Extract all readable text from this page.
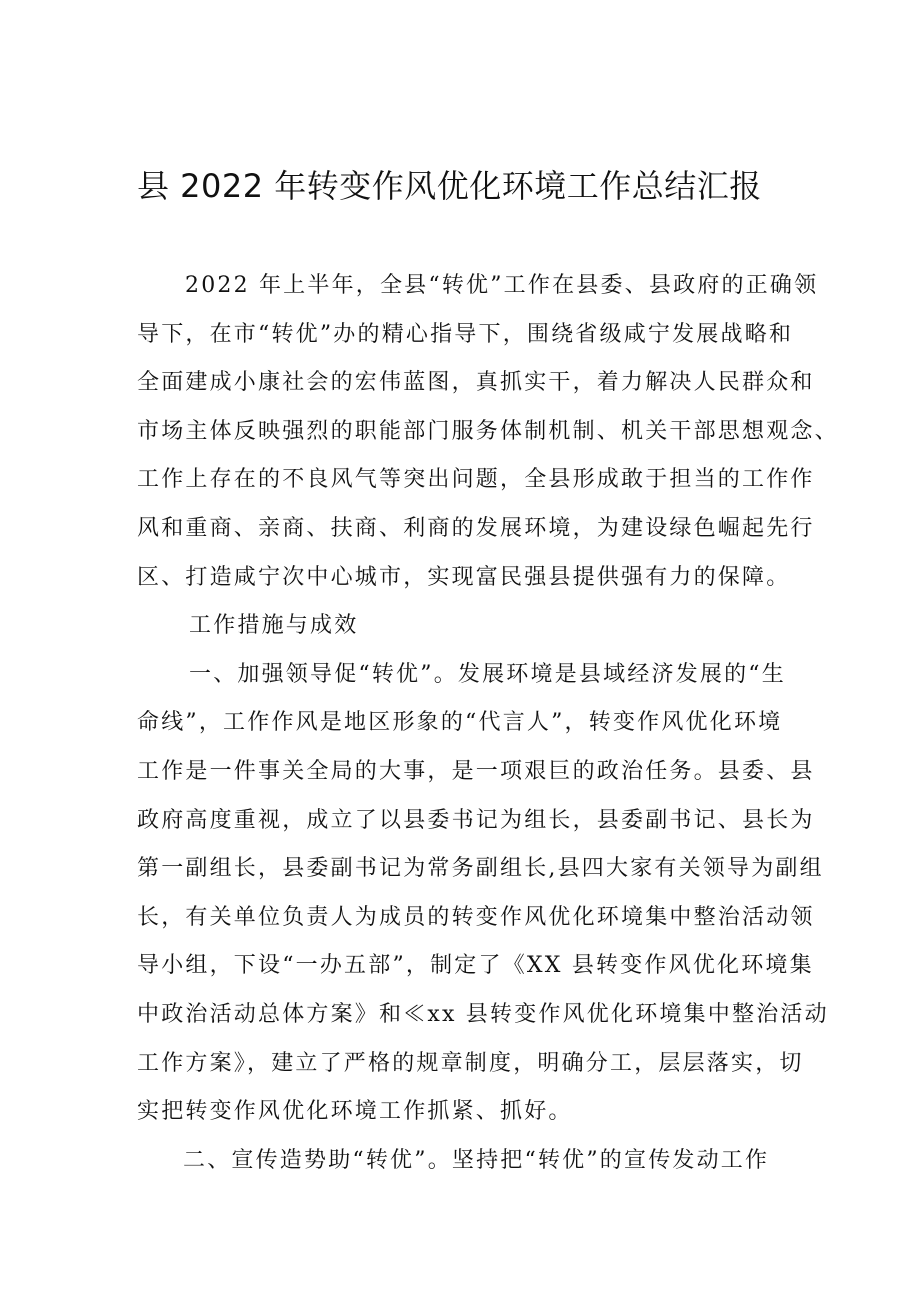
县 2022 年转变作风优化环境工作总结汇报
2022 年上半年，全县“转优”工作在县委、县政府的正确领
导下，在市“转优”办的精心指导下，围绕省级咸宁发展战略和
全面建成小康社会的宏伟蓝图，真抓实干，着力解决人民群众和
市场主体反映强烈的职能部门服务体制机制、机关干部思想观念、
工作上存在的不良风气等突出问题，全县形成敢于担当的工作作
风和重商、亲商、扶商、利商的发展环境，为建设绿色崛起先行
区、打造咸宁次中心城市，实现富民强县提供强有力的保障。
工作措施与成效
一、加强领导促“转优”。发展环境是县域经济发展的“生
命线”，工作作风是地区形象的“代言人”，转变作风优化环境
工作是一件事关全局的大事，是一项艰巨的政治任务。县委、县
政府高度重视，成立了以县委书记为组长，县委副书记、县长为
第一副组长，县委副书记为常务副组长,县四大家有关领导为副组
长，有关单位负责人为成员的转变作风优化环境集中整治活动领
导小组，下设“一办五部”，制定了《XX 县转变作风优化环境集
中政治活动总体方案》和≪xx 县转变作风优化环境集中整治活动
工作方案》，建立了严格的规章制度，明确分工，层层落实，切
实把转变作风优化环境工作抓紧、抓好。
二、宣传造势助“转优”。坚持把“转优”的宣传发动工作
